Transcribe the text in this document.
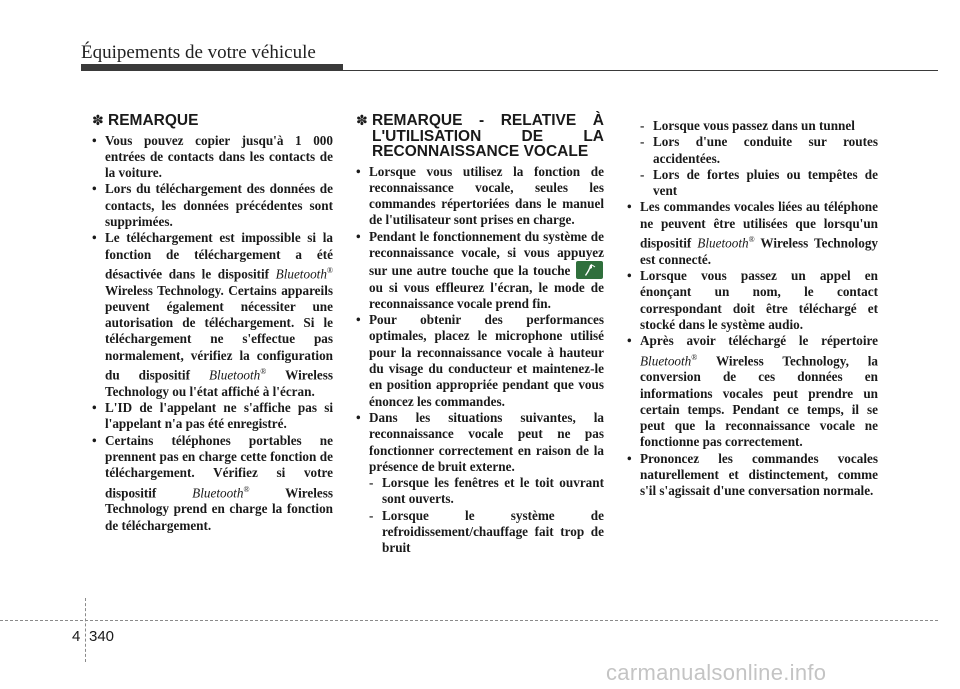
Équipements de votre véhicule
✽ REMARQUE
• Vous pouvez copier jusqu'à 1 000 entrées de contacts dans les contacts de la voiture.
• Lors du téléchargement des données de contacts, les données précédentes sont supprimées.
• Le téléchargement est impossible si la fonction de téléchargement a été désactivée dans le dispositif Bluetooth® Wireless Technology. Certains appareils peuvent également nécessiter une autorisation de téléchargement. Si le téléchargement ne s'effectue pas normalement, vérifiez la configuration du dispositif Bluetooth® Wireless Technology ou l'état affiché à l'écran.
• L'ID de l'appelant ne s'affiche pas si l'appelant n'a pas été enregistré.
• Certains téléphones portables ne prennent pas en charge cette fonction de téléchargement. Vérifiez si votre dispositif	Bluetooth®	Wireless Technology prend en charge la fonction de téléchargement.
✽ REMARQUE - RELATIVE À L'UTILISATION DE LA RECONNAISSANCE VOCALE
• Lorsque vous utilisez la fonction de reconnaissance vocale, seules les commandes répertoriées dans le manuel de l'utilisateur sont prises en charge.
• Pendant le fonctionnement du système de reconnaissance vocale, si vous appuyez sur une autre touche que la touche
ou si vous effleurez l'écran, le mode de reconnaissance vocale prend fin.
• Pour obtenir des performances optimales, placez le microphone utilisé pour la reconnaissance vocale à hauteur du visage du conducteur et maintenez-le en position appropriée pendant que vous énoncez les commandes.
• Dans les situations suivantes, la reconnaissance vocale peut ne pas fonctionner correctement en raison de la présence de bruit externe.
- Lorsque les fenêtres et le toit ouvrant sont ouverts.
- Lorsque le système de refroidissement/chauffage fait trop de bruit
- Lorsque vous passez dans un tunnel
- Lors d'une conduite sur routes accidentées.
- Lors de fortes pluies ou tempêtes de vent
• Les commandes vocales liées au téléphone ne peuvent être utilisées que lorsqu'un dispositif Bluetooth® Wireless Technology est connecté.
• Lorsque vous passez un appel en énonçant un nom, le contact correspondant doit être téléchargé et stocké dans le système audio.
• Après avoir téléchargé le répertoire Bluetooth® Wireless Technology, la conversion de ces données en informations vocales peut prendre un certain temps. Pendant ce temps, il se peut que la reconnaissance vocale ne fonctionne pas correctement.
• Prononcez les commandes vocales naturellement et distinctement, comme s'il s'agissait d'une conversation normale.
4 340
carmanualsonline.info
